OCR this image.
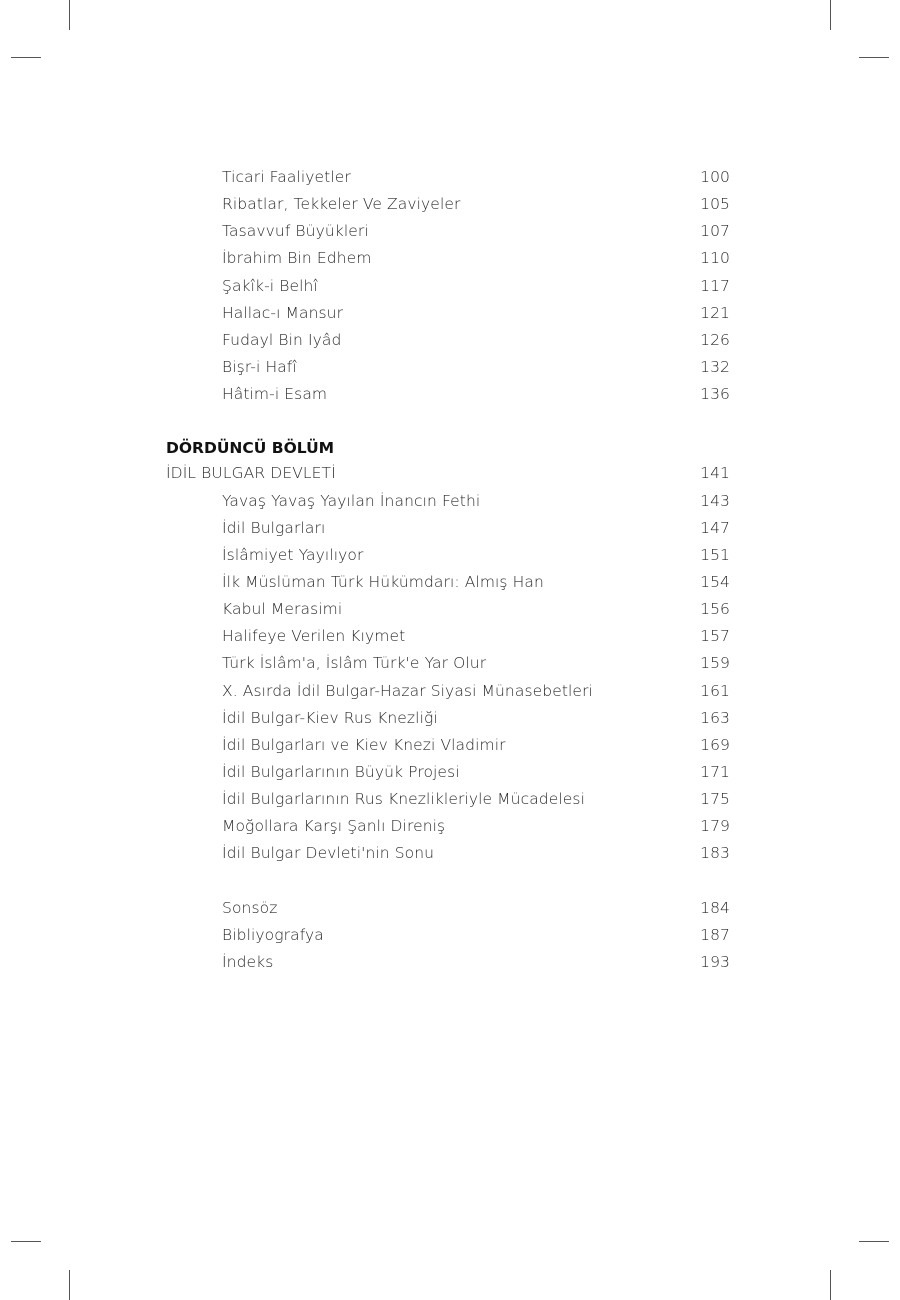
DÖRDÜNCÜ BÖLÜM
Ticari Faaliyetler	100
Ribatlar, Tekkeler Ve Zaviyeler	105
Tasavvuf Büyükleri	107
İbrahim Bin Edhem	110
Şakîk-i Belhî	117
Hallac-ı Mansur	121
Fudayl Bin Iyâd	126
Bişr-i Hafî	132
Hâtim-i Esam	136
İDİL BULGAR DEVLETİ	141
Yavaş Yavaş Yayılan İnancın Fethi	143
İdil Bulgarları	147
İslâmiyet Yayılıyor	151
İlk Müslüman Türk Hükümdarı: Almış Han	154
Kabul Merasimi	156
Halifeye Verilen Kıymet	157
Türk İslâm'a, İslâm Türk'e Yar Olur	159
X. Asırda İdil Bulgar-Hazar Siyasi Münasebetleri	161
İdil Bulgar-Kiev Rus Knezliği	163
İdil Bulgarları ve Kiev Knezi Vladimir	169
İdil Bulgarlarının Büyük Projesi	171
İdil Bulgarlarının Rus Knezlikleriyle Mücadelesi	175
Moğollara Karşı Şanlı Direniş	179
İdil Bulgar Devleti'nin Sonu	183
Sonsöz	184
Bibliyografya	187
İndeks	193
